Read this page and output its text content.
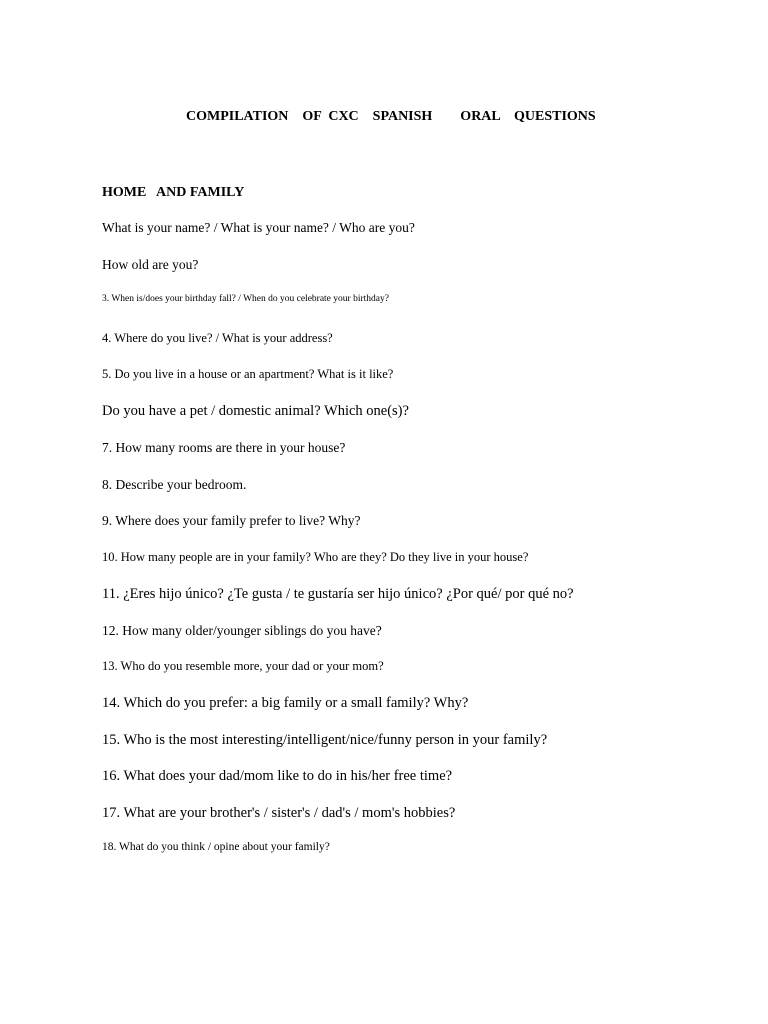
COMPILATION    OF  CXC    SPANISH        ORAL    QUESTIONS
HOME   AND FAMILY

What is your name? / What is your name? / Who are you?

How old are you?

3. When is/does your birthday fall? / When do you celebrate your birthday?

4. Where do you live? / What is your address?

5. Do you live in a house or an apartment? What is it like?

Do you have a pet / domestic animal? Which one(s)?

7. How many rooms are there in your house?

8. Describe your bedroom.

9. Where does your family prefer to live? Why?

10. How many people are in your family? Who are they? Do they live in your house?

11. ¿Eres hijo único? ¿Te gusta / te gustaría ser hijo único? ¿Por qué/ por qué no?

12. How many older/younger siblings do you have?

13. Who do you resemble more, your dad or your mom?

14. Which do you prefer: a big family or a small family? Why?

15. Who is the most interesting/intelligent/nice/funny person in your family?

16. What does your dad/mom like to do in his/her free time?

17. What are your brother's / sister's / dad's / mom's hobbies?

18. What do you think / opine about your family?
